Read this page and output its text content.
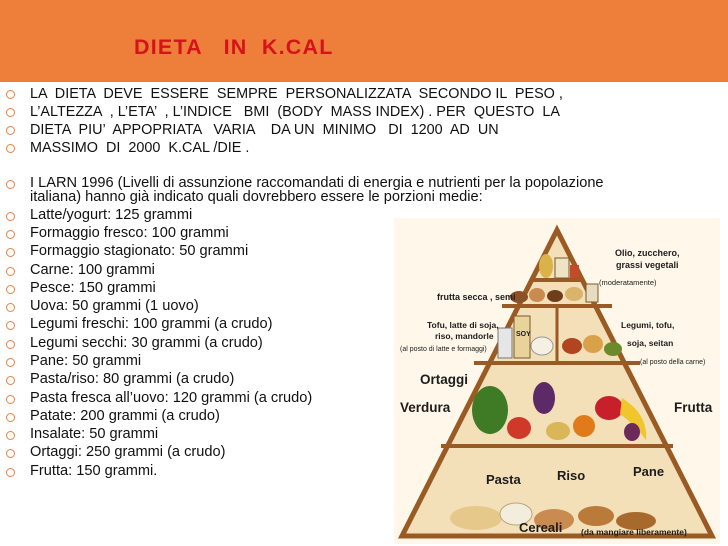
DIETA   IN  K.CAL
LA  DIETA  DEVE  ESSERE  SEMPRE  PERSONALIZZATA  SECONDO IL  PESO ,
L’ALTEZZA  , L’ETA’  , L’INDICE   BMI  (BODY  MASS INDEX) . PER  QUESTO  LA
DIETA  PIU’  APPOPRIATA   VARIA    DA UN  MINIMO   DI  1200  AD  UN
MASSIMO  DI  2000  K.CAL /DIE .
I LARN 1996 (Livelli di assunzione raccomandati di energia e nutrienti per la popolazione
italiana) hanno già indicato quali dovrebbero essere le porzioni medie:
Latte/yogurt: 125 grammi
Formaggio fresco: 100 grammi
Formaggio stagionato: 50 grammi
Carne: 100 grammi
Pesce: 150 grammi
Uova: 50 grammi (1 uovo)
Legumi freschi: 100 grammi (a crudo)
Legumi secchi: 30 grammi (a crudo)
Pane: 50 grammi
Pasta/riso: 80 grammi (a crudo)
Pasta fresca all’uovo: 120 grammi (a crudo)
Patate: 200 grammi (a crudo)
Insalate: 50 grammi
Ortaggi: 250 grammi (a crudo)
Frutta: 150 grammi.
SOY
Olio, zucchero,
grassi vegetali
(moderatamente)
frutta secca , semi
Tofu, latte di soja,
riso, mandorle
(al posto di latte e formaggi)
Legumi, tofu,
soja, seitan
(al posto della carne)
Ortaggi
Verdura	Frutta
Pasta	Riso	Pane
Cereali (da mangiare liberamente)
